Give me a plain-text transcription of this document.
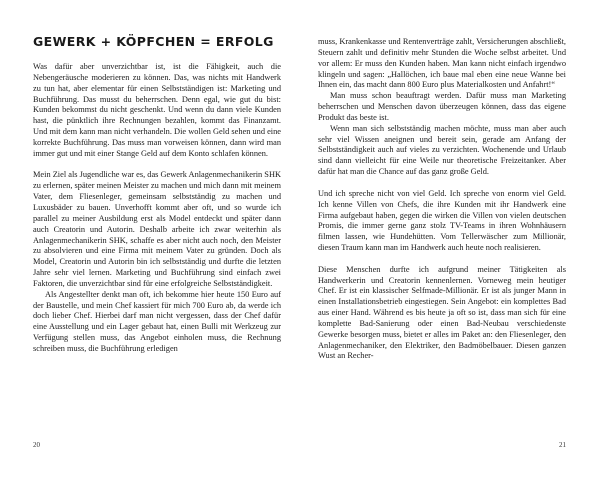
GEWERK + KÖPFCHEN = ERFOLG

Was dafür aber unverzichtbar ist, ist die Fähigkeit, auch die Nebengeräusche moderieren zu können. Das, was nichts mit Handwerk zu tun hat, aber elementar für einen Selbstständigen ist: Marketing und Buchführung. Das musst du beherrschen. Denn egal, wie gut du bist: Kunden bekommst du nicht geschenkt. Und wenn du dann viele Kunden hast, die pünktlich ihre Rechnungen bezahlen, kommt das Finanzamt. Und mit dem kann man nicht verhandeln. Die wollen Geld sehen und eine korrekte Buchführung. Das muss man vorweisen können, dann wird man immer gut und mit einer Stange Geld auf dem Konto schlafen können.

Mein Ziel als Jugendliche war es, das Gewerk Anlagenmechanikerin SHK zu erlernen, später meinen Meister zu machen und mich dann mit meinem Vater, dem Fliesenleger, gemeinsam selbstständig zu machen und Luxusbäder zu bauen. Unverhofft kommt aber oft, und so wurde ich parallel zu meiner Ausbildung erst als Model entdeckt und später dann auch Creatorin und Autorin. Deshalb arbeite ich zwar weiterhin als Anlagenmechanikerin SHK, schaffe es aber nicht auch noch, den Meister zu absolvieren und eine Firma mit meinem Vater zu gründen. Doch als Model, Creatorin und Autorin bin ich selbstständig und durfte die letzten Jahre sehr viel lernen. Marketing und Buchführung sind einfach zwei Faktoren, die unverzichtbar sind für eine erfolgreiche Selbstständigkeit.

Als Angestellter denkt man oft, ich bekomme hier heute 150 Euro auf der Baustelle, und mein Chef kassiert für mich 700 Euro ab, da werde ich doch lieber Chef. Hierbei darf man nicht vergessen, dass der Chef dafür eine Ausstellung und ein Lager gebaut hat, einen Bulli mit Werkzeug zur Verfügung stellen muss, das Angebot einholen muss, die Rechnung schreiben muss, die Buchführung erledigen

20

muss, Krankenkasse und Rentenverträge zahlt, Versicherungen abschließt, Steuern zahlt und definitiv mehr Stunden die Woche selbst arbeitet. Und vor allem: Er muss den Kunden haben. Man kann nicht einfach irgendwo klingeln und sagen: „Hallöchen, ich baue mal eben eine neue Wanne bei Ihnen ein, das macht dann 800 Euro plus Materialkosten und Anfahrt!“

Man muss schon beauftragt werden. Dafür muss man Marketing beherrschen und Menschen davon überzeugen können, dass das eigene Produkt das beste ist.

Wenn man sich selbstständig machen möchte, muss man aber auch sehr viel Wissen aneignen und bereit sein, gerade am Anfang der Selbstständigkeit auch auf vieles zu verzichten. Wochenende und Urlaub sind dann vielleicht für eine Weile nur theoretische Freizeitanker. Aber dafür hat man die Chance auf das ganz große Geld.

Und ich spreche nicht von viel Geld. Ich spreche von enorm viel Geld. Ich kenne Villen von Chefs, die ihre Kunden mit ihr Handwerk eine Firma aufgebaut haben, gegen die wirken die Villen von vielen deutschen Promis, die immer gerne ganz stolz TV-Teams in ihren Wohnhäusern filmen lassen, wie Hundehütten. Vom Tellerwäscher zum Millionär, diesen Traum kann man im Handwerk auch heute noch realisieren.

Diese Menschen durfte ich aufgrund meiner Tätigkeiten als Handwerkerin und Creatorin kennenlernen. Vorneweg mein heutiger Chef. Er ist ein klassischer Selfmade-Millionär. Er ist als junger Mann in einen Installationsbetrieb eingestiegen. Sein Angebot: ein komplettes Bad aus einer Hand. Während es bis heute ja oft so ist, dass man sich für eine komplette Bad-Sanierung oder einen Bad-Neubau verschiedenste Gewerke besorgen muss, bietet er alles im Paket an: den Fliesenleger, den Anlagenmechaniker, den Elektriker, den Badmöbelbauer. Diesen ganzen Wust an Recher-

21
